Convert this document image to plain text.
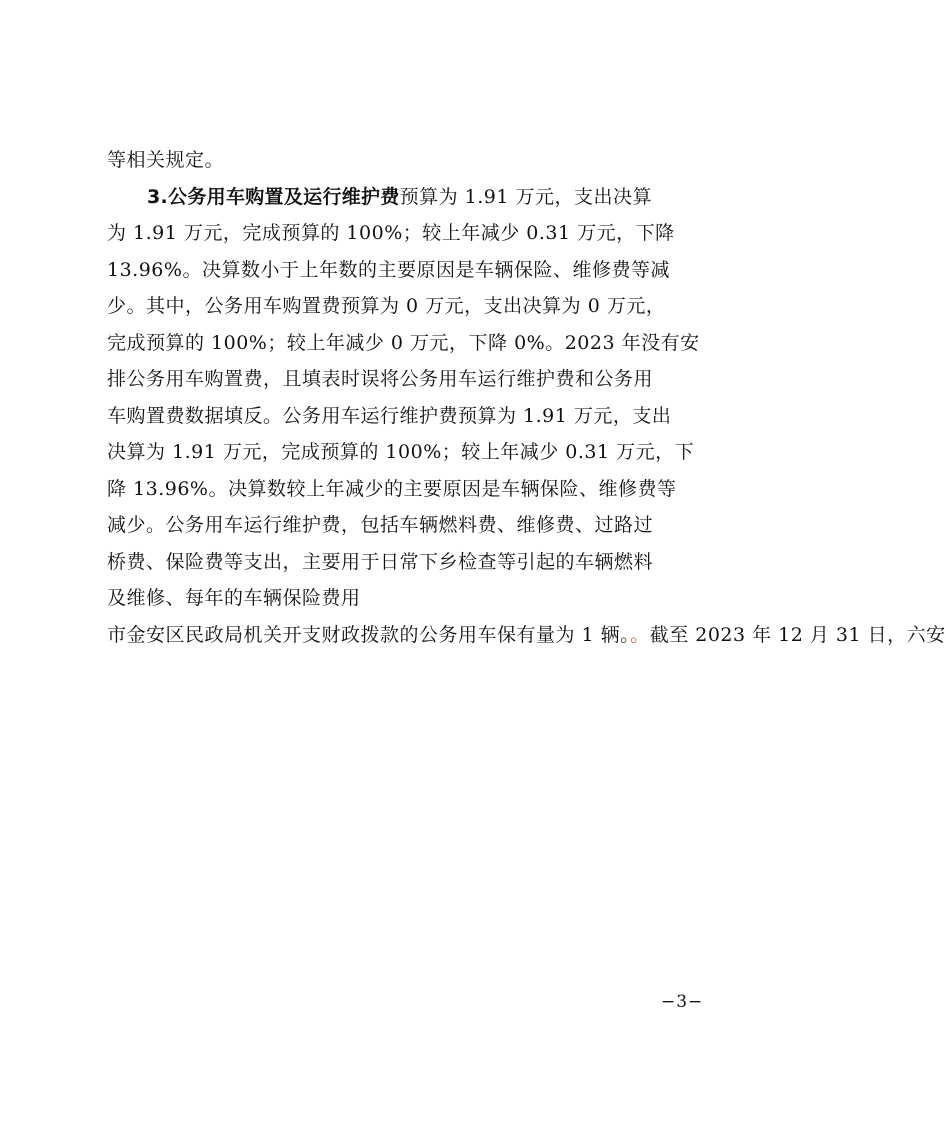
等相关规定。
3.公务用车购置及运行维护费预算为 1.91 万元，支出决算
为 1.91 万元，完成预算的 100%；较上年减少 0.31 万元，下降
13.96%。决算数小于上年数的主要原因是车辆保险、维修费等减
少。其中，公务用车购置费预算为 0 万元，支出决算为 0 万元，
完成预算的 100%；较上年减少 0 万元，下降 0%。2023 年没有安
排公务用车购置费，且填表时误将公务用车运行维护费和公务用
车购置费数据填反。公务用车运行维护费预算为 1.91 万元，支出
决算为 1.91 万元，完成预算的 100%；较上年减少 0.31 万元，下
降 13.96%。决算数较上年减少的主要原因是车辆保险、维修费等
减少。公务用车运行维护费，包括车辆燃料费、维修费、过路过
桥费、保险费等支出，主要用于日常下乡检查等引起的车辆燃料
及维修、每年的车辆保险费用
市金安区民政局机关开支财政拨款的公务用车保有量为 1 辆。。截至 2023 年 12 月 31 日，六安
−3−
